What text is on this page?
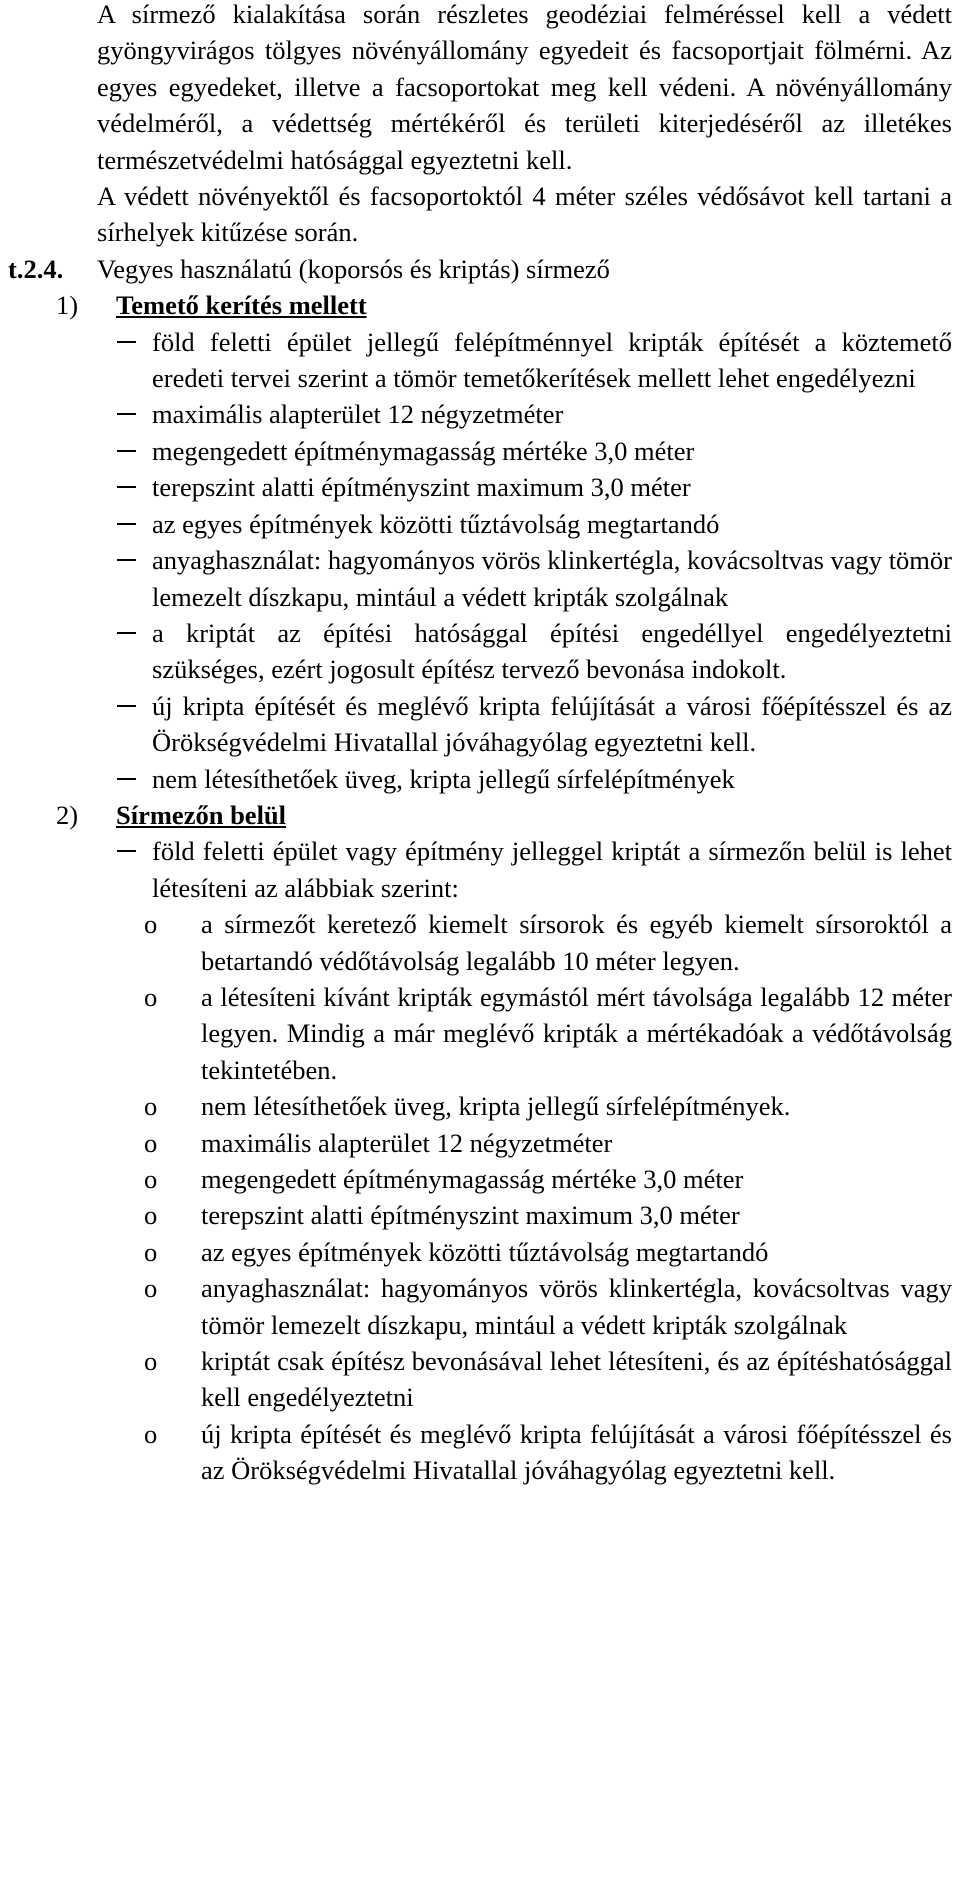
A sírmező kialakítása során részletes geodéziai felméréssel kell a védett gyöngyvirágos tölgyes növényállomány egyedeit és facsoportjait fölmérni. Az egyes egyedeket, illetve a facsoportokat meg kell védeni. A növényállomány védelméről, a védettség mértékéről és területi kiterjedéséről az illetékes természetvédelmi hatósággal egyeztetni kell.

A védett növényektől és facsoportoktól 4 méter széles védősávot kell tartani a sírhelyek kitűzése során.

t.2.4. Vegyes használatú (koporsós és kriptás) sírmező

1) Temető kerítés mellett

föld feletti épület jellegű felépítménnyel kripták építését a köztemető eredeti tervei szerint a tömör temetőkerítések mellett lehet engedélyezni
maximális alapterület 12 négyzetméter
megengedett építménymagasság mértéke 3,0 méter
terepszint alatti építményszint maximum 3,0 méter
az egyes építmények közötti tűztávolság megtartandó
anyaghasználat: hagyományos vörös klinkertégla, kovácsoltvas vagy tömör lemezelt díszkapu, mintául a védett kripták szolgálnak
a kriptát az építési hatósággal építési engedéllyel engedélyeztetni szükséges, ezért jogosult építész tervező bevonása indokolt.
új kripta építését és meglévő kripta felújítását a városi főépítésszel és az Örökségvédelmi Hivatallal jóváhagyólag egyeztetni kell.
nem létesíthetőek üveg, kripta jellegű sírfelépítmények

2) Sírmezőn belül

föld feletti épület vagy építmény jelleggel kriptát a sírmezőn belül is lehet létesíteni az alábbiak szerint:
o a sírmezőt keretező kiemelt sírsorok és egyéb kiemelt sírsoroktól a betartandó védőtávolság legalább 10 méter legyen.
o a létesíteni kívánt kripták egymástól mért távolsága legalább 12 méter legyen. Mindig a már meglévő kripták a mértékadóak a védőtávolság tekintetében.
o nem létesíthetőek üveg, kripta jellegű sírfelépítmények.
o maximális alapterület 12 négyzetméter
o megengedett építménymagasság mértéke 3,0 méter
o terepszint alatti építményszint maximum 3,0 méter
o az egyes építmények közötti tűztávolság megtartandó
o anyaghasználat: hagyományos vörös klinkertégla, kovácsoltvas vagy tömör lemezelt díszkapu, mintául a védett kripták szolgálnak
o kriptát csak építész bevonásával lehet létesíteni, és az építéshatósággal kell engedélyeztetni
o új kripta építését és meglévő kripta felújítását a városi főépítésszel és az Örökségvédelmi Hivatallal jóváhagyólag egyeztetni kell.
